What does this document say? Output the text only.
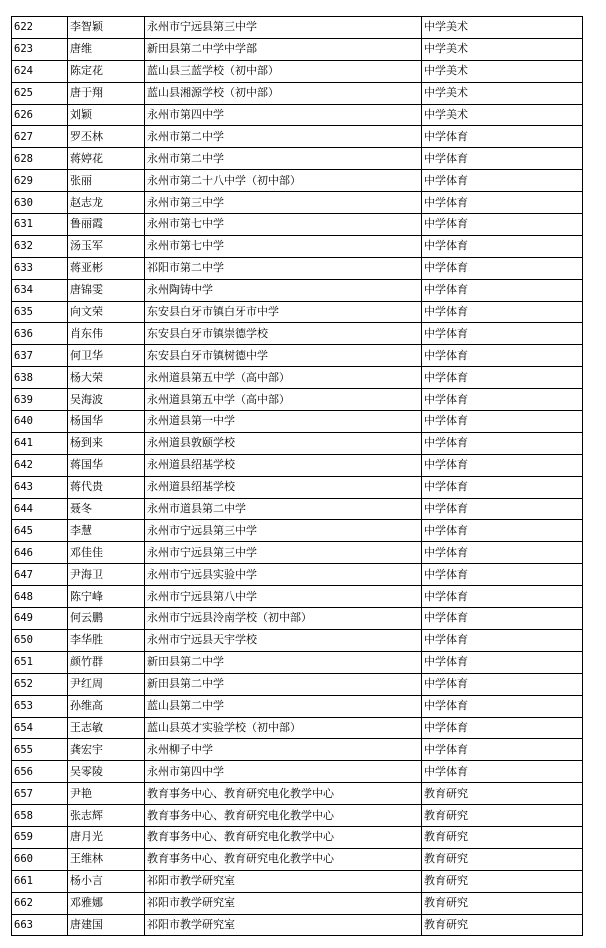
622	李智颖	永州市宁远县第三中学	中学美术
623	唐维	新田县第二中学中学部	中学美术
624	陈定花	蓝山县三蓝学校（初中部）	中学美术
625	唐于翔	蓝山县湘源学校（初中部）	中学美术
626	刘颖	永州市第四中学	中学美术
627	罗丕林	永州市第二中学	中学体育
628	蒋婷花	永州市第二中学	中学体育
629	张丽	永州市第二十八中学（初中部）	中学体育
630	赵志龙	永州市第三中学	中学体育
631	鲁丽霞	永州市第七中学	中学体育
632	汤玉军	永州市第七中学	中学体育
633	蒋亚彬	祁阳市第二中学	中学体育
634	唐锦雯	永州陶铸中学	中学体育
635	向文荣	东安县白牙市镇白牙市中学	中学体育
636	肖东伟	东安县白牙市镇崇德学校	中学体育
637	何卫华	东安县白牙市镇树德中学	中学体育
638	杨大荣	永州道县第五中学（高中部）	中学体育
639	吴海波	永州道县第五中学（高中部）	中学体育
640	杨国华	永州道县第一中学	中学体育
641	杨到来	永州道县敦颐学校	中学体育
642	蒋国华	永州道县绍基学校	中学体育
643	蒋代贵	永州道县绍基学校	中学体育
644	聂冬	永州市道县第二中学	中学体育
645	李慧	永州市宁远县第三中学	中学体育
646	邓佳佳	永州市宁远县第三中学	中学体育
647	尹海卫	永州市宁远县实验中学	中学体育
648	陈宁峰	永州市宁远县第八中学	中学体育
649	何云鹏	永州市宁远县泠南学校（初中部）	中学体育
650	李华胜	永州市宁远县天宇学校	中学体育
651	颜竹群	新田县第二中学	中学体育
652	尹红周	新田县第二中学	中学体育
653	孙维高	蓝山县第二中学	中学体育
654	王志敏	蓝山县英才实验学校（初中部）	中学体育
655	龚宏宇	永州柳子中学	中学体育
656	吴零陵	永州市第四中学	中学体育
657	尹艳	教育事务中心、教育研究电化教学中心	教育研究
658	张志辉	教育事务中心、教育研究电化教学中心	教育研究
659	唐月光	教育事务中心、教育研究电化教学中心	教育研究
660	王维林	教育事务中心、教育研究电化教学中心	教育研究
661	杨小言	祁阳市教学研究室	教育研究
662	邓雅娜	祁阳市教学研究室	教育研究
663	唐建国	祁阳市教学研究室	教育研究
